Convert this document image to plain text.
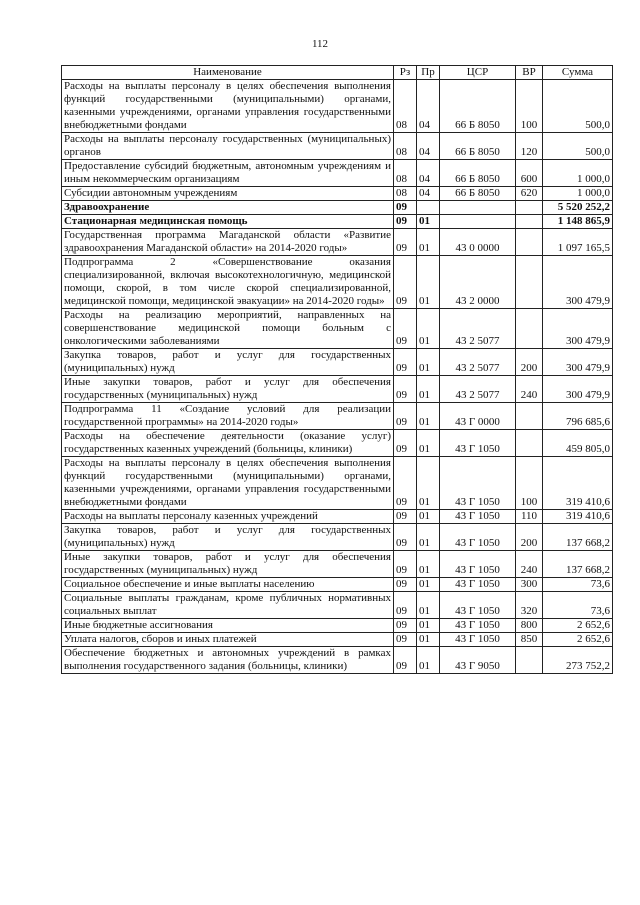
112
Наименование	Рз	Пр	ЦСР	ВР	Сумма
Расходы на выплаты персоналу в целях обеспечения выполнения функций государственными (муниципальными) органами, казенными учреждениями, органами управления государственными внебюджетными фондами	08	04	66 Б 8050	100	500,0
Расходы на выплаты персоналу государственных (муниципальных) органов	08	04	66 Б 8050	120	500,0
Предоставление субсидий бюджетным, автономным учреждениям и иным некоммерческим организациям	08	04	66 Б 8050	600	1 000,0
Субсидии автономным учреждениям	08	04	66 Б 8050	620	1 000,0
Здравоохранение	09				5 520 252,2
Стационарная медицинская помощь	09	01			1 148 865,9
Государственная программа Магаданской области «Развитие здравоохранения Магаданской области» на 2014-2020 годы»	09	01	43 0 0000		1 097 165,5
Подпрограмма 2 «Совершенствование оказания специализированной, включая высокотехнологичную, медицинской помощи, скорой, в том числе скорой специализированной, медицинской помощи, медицинской эвакуации» на 2014-2020 годы»	09	01	43 2 0000		300 479,9
Расходы на реализацию мероприятий, направленных на совершенствование медицинской помощи больным с онкологическими заболеваниями	09	01	43 2 5077		300 479,9
Закупка товаров, работ и услуг для государственных (муниципальных) нужд	09	01	43 2 5077	200	300 479,9
Иные закупки товаров, работ и услуг для обеспечения государственных (муниципальных) нужд	09	01	43 2 5077	240	300 479,9
Подпрограмма 11 «Создание условий для реализации государственной программы» на 2014-2020 годы»	09	01	43 Г 0000		796 685,6
Расходы на обеспечение деятельности (оказание услуг) государственных казенных учреждений (больницы, клиники)	09	01	43 Г 1050		459 805,0
Расходы на выплаты персоналу в целях обеспечения выполнения функций государственными (муниципальными) органами, казенными учреждениями, органами управления государственными внебюджетными фондами	09	01	43 Г 1050	100	319 410,6
Расходы на выплаты персоналу казенных учреждений	09	01	43 Г 1050	110	319 410,6
Закупка товаров, работ и услуг для государственных (муниципальных) нужд	09	01	43 Г 1050	200	137 668,2
Иные закупки товаров, работ и услуг для обеспечения государственных (муниципальных) нужд	09	01	43 Г 1050	240	137 668,2
Социальное обеспечение и иные выплаты населению	09	01	43 Г 1050	300	73,6
Социальные выплаты гражданам, кроме публичных нормативных социальных выплат	09	01	43 Г 1050	320	73,6
Иные бюджетные ассигнования	09	01	43 Г 1050	800	2 652,6
Уплата налогов, сборов и иных платежей	09	01	43 Г 1050	850	2 652,6
Обеспечение бюджетных и автономных учреждений в рамках выполнения государственного задания (больницы, клиники)	09	01	43 Г 9050		273 752,2
